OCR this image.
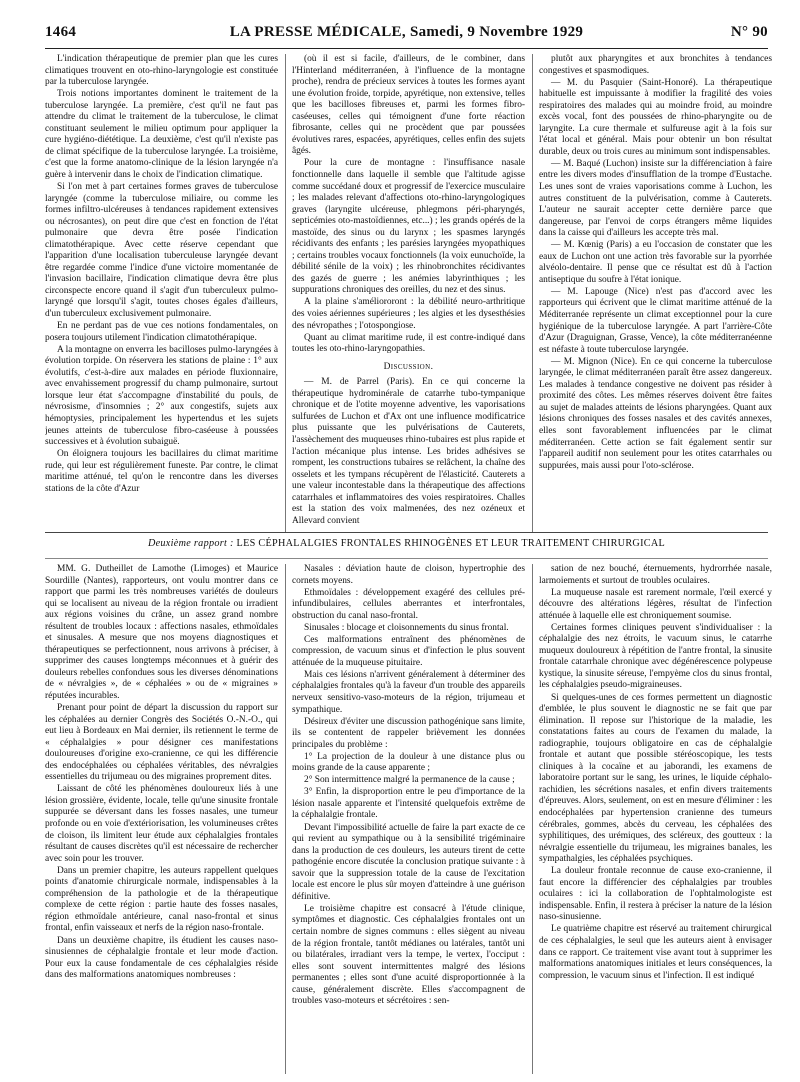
1464	LA PRESSE MÉDICALE, Samedi, 9 Novembre 1929	N° 90

L'indication thérapeutique de premier plan que les cures climatiques trouvent en oto-rhino-laryngologie est constituée par la tuberculose laryngée.

Trois notions importantes dominent le traitement de la tuberculose laryngée. La première, c'est qu'il ne faut pas attendre du climat le traitement de la tuberculose, le climat constituant seulement le milieu optimum pour appliquer la cure hygiéno-diététique. La deuxième, c'est qu'il n'existe pas de climat spécifique de la tuberculose laryngée. La troisième, c'est que la forme anatomo-clinique de la lésion laryngée n'a guère à intervenir dans le choix de l'indication climatique.

Si l'on met à part certaines formes graves de tuberculose laryngée (comme la tuberculose miliaire, ou comme les formes infiltro-ulcéreuses à tendances rapidement extensives ou nécrosantes), on peut dire que c'est en fonction de l'état pulmonaire que devra être posée l'indication climatothérapique. Avec cette réserve cependant que l'apparition d'une localisation tuberculeuse laryngée devant être regardée comme l'indice d'une victoire momentanée de l'invasion bacillaire, l'indication climatique devra être plus circonspecte encore quand il s'agit d'un tuberculeux pulmo-laryngé que lorsqu'il s'agit, toutes choses égales d'ailleurs, d'un tuberculeux exclusivement pulmonaire.

En ne perdant pas de vue ces notions fondamentales, on posera toujours utilement l'indication climatothérapique.

A la montagne on enverra les bacilloses pulmo-laryngées à évolution torpide. On réservera les stations de plaine : 1° aux évolutifs, c'est-à-dire aux malades en période fluxionnaire, avec envahissement progressif du champ pulmonaire, surtout lorsque leur état s'accompagne d'instabilité du pouls, de névrosisme, d'insomnies ; 2° aux congestifs, sujets aux hémoptysies, principalement les hypertendus et les sujets jeunes atteints de tuberculose fibro-caséeuse à poussées successives et à évolution subaiguë.

On éloignera toujours les bacillaires du climat maritime rude, qui leur est régulièrement funeste. Par contre, le climat maritime atténué, tel qu'on le rencontre dans les diverses stations de la côte d'Azur

(où il est si facile, d'ailleurs, de le combiner, dans l'Hinterland méditerranéen, à l'influence de la montagne proche), rendra de précieux services à toutes les formes ayant une évolution froide, torpide, apyrétique, non extensive, telles que les bacilloses fibreuses et, parmi les formes fibro-caséeuses, celles qui témoignent d'une forte réaction fibrosante, celles qui ne procèdent que par poussées évolutives rares, espacées, apyrétiques, celles enfin des sujets âgés.

Pour la cure de montagne : l'insuffisance nasale fonctionnelle dans laquelle il semble que l'altitude agisse comme succédané doux et progressif de l'exercice musculaire ; les malades relevant d'affections oto-rhino-laryngologiques graves (laryngite ulcéreuse, phlegmons péri-pharyngés, septicémies oto-mastoïdiennes, etc...) ; les grands opérés de la mastoïde, des sinus ou du larynx ; les spasmes laryngés récidivants des enfants ; les parésies laryngées myopathiques ; certains troubles vocaux fonctionnels (la voix eunuchoïde, la débilité sénile de la voix) ; les rhinobronchites récidivantes des gazés de guerre ; les anémies labyrinthiques ; les suppurations chroniques des oreilles, du nez et des sinus.

A la plaine s'améliororont : la débilité neuro-arthritique des voies aériennes supérieures ; les algies et les dysesthésies des névropathes ; l'otospongiose.

Quant au climat maritime rude, il est contre-indiqué dans toutes les oto-rhino-laryngopathies.

Discussion.

— M. de Parrel (Paris). En ce qui concerne la thérapeutique hydrominérale de catarrhe tubo-tympanique chronique et de l'otite moyenne adventive, les vaporisations sulfurées de Luchon et d'Ax ont une influence modificatrice plus puissante que les pulvérisations de Cauterets, l'assèchement des muqueuses rhino-tubaires est plus rapide et l'action mécanique plus intense. Les brides adhésives se rompent, les constructions tubaires se relâchent, la chaîne des osselets et les tympans récupèrent de l'élasticité. Cauterets a une valeur incontestable dans la thérapeutique des affections catarrhales et inflammatoires des voies respiratoires. Challes est la station des voix malmenées, des nez ozéneux et Allevard convient

plutôt aux pharyngites et aux bronchites à tendances congestives et spasmodiques.

— M. du Pasquier (Saint-Honoré). La thérapeutique habituelle est impuissante à modifier la fragilité des voies respiratoires des malades qui au moindre froid, au moindre excès vocal, font des poussées de rhino-pharyngite ou de laryngite. La cure thermale et sulfureuse agit à la fois sur l'état local et général. Mais pour obtenir un bon résultat durable, deux ou trois cures au minimum sont indispensables.

— M. Baqué (Luchon) insiste sur la différenciation à faire entre les divers modes d'insufflation de la trompe d'Eustache. Les unes sont de vraies vaporisations comme à Luchon, les autres constituent de la pulvérisation, comme à Cauterets. L'auteur ne saurait accepter cette dernière parce que dangereuse, par l'envoi de corps étrangers même liquides dans la caisse qui d'ailleurs les accepte très mal.

— M. Kœnig (Paris) a eu l'occasion de constater que les eaux de Luchon ont une action très favorable sur la pyorrhée alvéolo-dentaire. Il pense que ce résultat est dû à l'action antiseptique du soufre à l'état ionique.

— M. Lapouge (Nice) n'est pas d'accord avec les rapporteurs qui écrivent que le climat maritime atténué de la Méditerranée représente un climat exceptionnel pour la cure hygiénique de la tuberculose laryngée. A part l'arrière-Côte d'Azur (Draguignan, Grasse, Vence), la côte méditerranéenne est néfaste à toute tuberculose laryngée.

— M. Mignon (Nice). En ce qui concerne la tuberculose laryngée, le climat méditerranéen paraît être assez dangereux. Les malades à tendance congestive ne doivent pas résider à proximité des côtes. Les mêmes réserves doivent être faites au sujet de malades atteints de lésions pharyngées. Quant aux lésions chroniques des fosses nasales et des cavités annexes, elles sont favorablement influencées par le climat méditerranéen. Cette action se fait également sentir sur l'appareil auditif non seulement pour les otites catarrhales ou suppurées, mais aussi pour l'oto-sclérose.

Deuxième rapport : LES CÉPHALALGIES FRONTALES RHINOGÈNES ET LEUR TRAITEMENT CHIRURGICAL

MM. G. Dutheillet de Lamothe (Limoges) et Maurice Sourdille (Nantes), rapporteurs, ont voulu montrer dans ce rapport que parmi les très nombreuses variétés de douleurs qui se localisent au niveau de la région frontale ou irradient aux régions voisines du crâne, un assez grand nombre résultent de troubles locaux : affections nasales, ethmoïdales et sinusales. A mesure que nos moyens diagnostiques et thérapeutiques se perfectionnent, nous arrivons à préciser, à supprimer des causes longtemps méconnues et à guérir des douleurs rebelles confondues sous les diverses dénominations de « névralgies », de « céphalées » ou de « migraines » réputées incurables.

Prenant pour point de départ la discussion du rapport sur les céphalées au dernier Congrès des Sociétés O.-N.-O., qui eut lieu à Bordeaux en Mai dernier, ils retiennent le terme de « céphalalgies » pour désigner ces manifestations douloureuses d'origine exo-cranienne, ce qui les différencie des endocéphalées ou céphalées véritables, des névralgies essentielles du trijumeau ou des migraines proprement dites.

Laissant de côté les phénomènes douloureux liés à une lésion grossière, évidente, locale, telle qu'une sinusite frontale suppurée se déversant dans les fosses nasales, une tumeur profonde ou en voie d'extériorisation, les volumineuses crêtes de cloison, ils limitent leur étude aux céphalalgies frontales résultant de causes discrètes qu'il est nécessaire de rechercher avec soin pour les trouver.

Dans un premier chapitre, les auteurs rappellent quelques points d'anatomie chirurgicale normale, indispensables à la compréhension de la pathologie et de la thérapeutique complexe de cette région : partie haute des fosses nasales, région ethmoïdale antérieure, canal naso-frontal et sinus frontal, enfin vaisseaux et nerfs de la région naso-frontale.

Dans un deuxième chapitre, ils étudient les causes naso-sinusiennes de céphalalgie frontale et leur mode d'action. Pour eux la cause fondamentale de ces céphalalgies réside dans des malformations anatomiques nombreuses :

Nasales : déviation haute de cloison, hypertrophie des cornets moyens.

Ethmoïdales : développement exagéré des cellules pré-infundibulaires, cellules aberrantes et interfrontales, obstruction du canal naso-frontal.

Sinusales : blocage et cloisonnements du sinus frontal.

Ces malformations entraînent des phénomènes de compression, de vacuum sinus et d'infection le plus souvent atténuée de la muqueuse pituitaire.

Mais ces lésions n'arrivent généralement à déterminer des céphalalgies frontales qu'à la faveur d'un trouble des appareils nerveux sensitivo-vaso-moteurs de la région, trijumeau et sympathique.

Désireux d'éviter une discussion pathogénique sans limite, ils se contentent de rappeler brièvement les données principales du problème :

1° La projection de la douleur à une distance plus ou moins grande de la cause apparente ;

2° Son intermittence malgré la permanence de la cause ;

3° Enfin, la disproportion entre le peu d'importance de la lésion nasale apparente et l'intensité quelquefois extrême de la céphalalgie frontale.

Devant l'impossibilité actuelle de faire la part exacte de ce qui revient au sympathique ou à la sensibilité trigéminaire dans la production de ces douleurs, les auteurs tirent de cette pathogénie encore discutée la conclusion pratique suivante : à savoir que la suppression totale de la cause de l'excitation locale est encore le plus sûr moyen d'atteindre à une guérison définitive.

Le troisième chapitre est consacré à l'étude clinique, symptômes et diagnostic. Ces céphalalgies frontales ont un certain nombre de signes communs : elles siègent au niveau de la région frontale, tantôt médianes ou latérales, tantôt uni ou bilatérales, irradiant vers la tempe, le vertex, l'occiput : elles sont souvent intermittentes malgré des lésions permanentes ; elles sont d'une acuité disproportionnée à la cause, généralement discrète. Elles s'accompagnent de troubles vaso-moteurs et sécrétoires : sen-

sation de nez bouché, éternuements, hydrorrhée nasale, larmoiements et surtout de troubles oculaires.

La muqueuse nasale est rarement normale, l'œil exercé y découvre des altérations légères, résultat de l'infection atténuée à laquelle elle est chroniquement soumise.

Certaines formes cliniques peuvent s'individualiser : la céphalalgie des nez étroits, le vacuum sinus, le catarrhe muqueux douloureux à répétition de l'antre frontal, la sinusite frontale catarrhale chronique avec dégénérescence polypeuse kystique, la sinusite séreuse, l'empyème clos du sinus frontal, les céphalalgies pseudo-migraineuses.

Si quelques-unes de ces formes permettent un diagnostic d'emblée, le plus souvent le diagnostic ne se fait que par élimination. Il repose sur l'historique de la maladie, les constatations faites au cours de l'examen du malade, la radiographie, toujours obligatoire en cas de céphalalgie frontale et autant que possible stéréoscopique, les tests cliniques à la cocaïne et au jaborandi, les examens de laboratoire portant sur le sang, les urines, le liquide céphalo-rachidien, les sécrétions nasales, et enfin divers traitements d'épreuves. Alors, seulement, on est en mesure d'éliminer : les endocéphalées par hypertension cranienne des tumeurs cérébrales, gommes, abcès du cerveau, les céphalées des syphilitiques, des urémiques, des scléreux, des goutteux : la névralgie essentielle du trijumeau, les migraines banales, les sympathalgies, les céphalées psychiques.

La douleur frontale reconnue de cause exo-cranienne, il faut encore la différencier des céphalalgies par troubles oculaires : ici la collaboration de l'ophtalmologiste est indispensable. Enfin, il restera à préciser la nature de la lésion naso-sinusienne.

Le quatrième chapitre est réservé au traitement chirurgical de ces céphalalgies, le seul que les auteurs aient à envisager dans ce rapport. Ce traitement vise avant tout à supprimer les malformations anatomiques initiales et leurs conséquences, la compression, le vacuum sinus et l'infection. Il est indiqué
